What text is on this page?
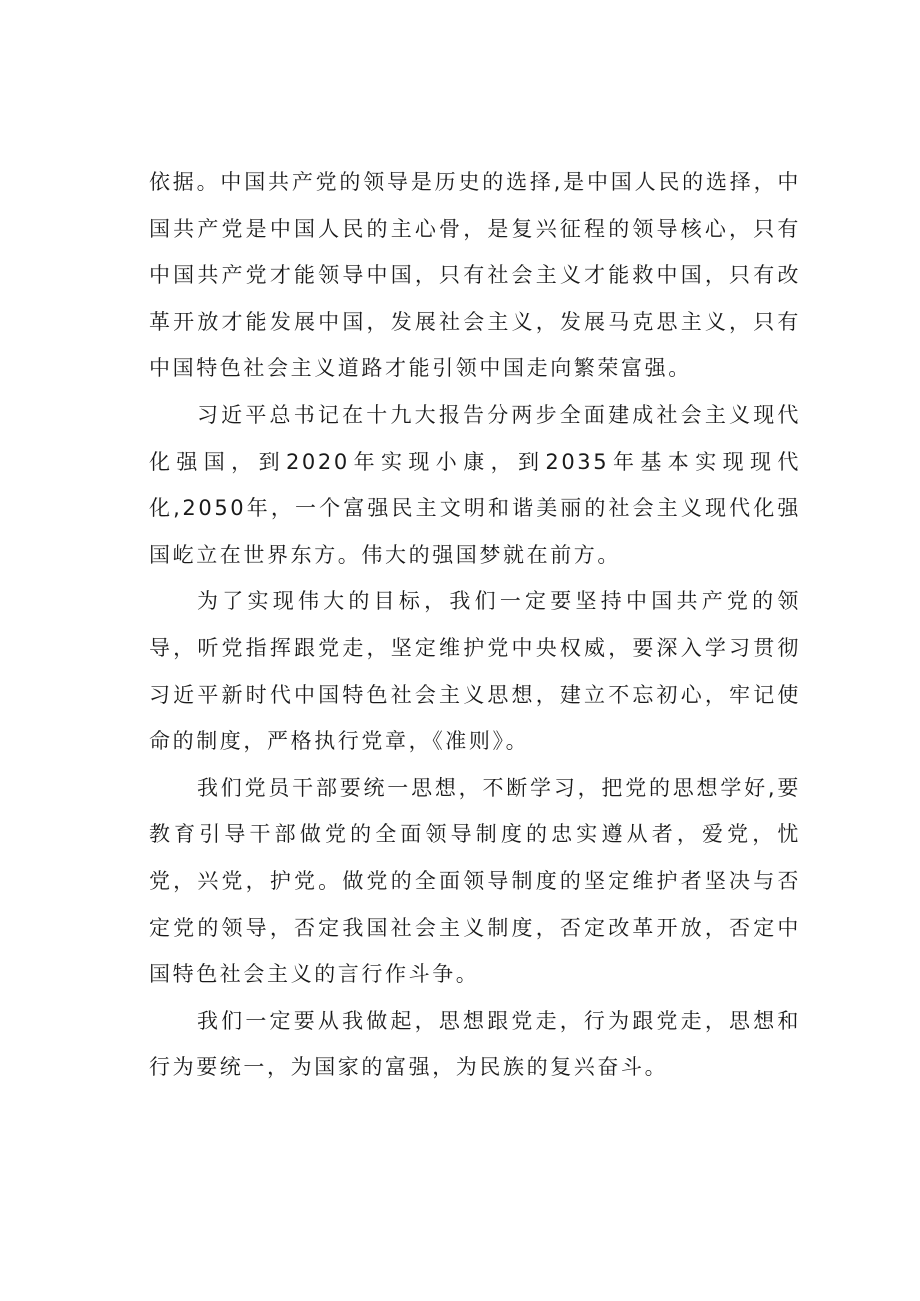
依据。中国共产党的领导是历史的选择,是中国人民的选择，中国共产党是中国人民的主心骨，是复兴征程的领导核心，只有中国共产党才能领导中国，只有社会主义才能救中国，只有改革开放才能发展中国，发展社会主义，发展马克思主义，只有中国特色社会主义道路才能引领中国走向繁荣富强。

习近平总书记在十九大报告分两步全面建成社会主义现代化强国，到2020年实现小康，到2035年基本实现现代化,2050年，一个富强民主文明和谐美丽的社会主义现代化强国屹立在世界东方。伟大的强国梦就在前方。

为了实现伟大的目标，我们一定要坚持中国共产党的领导，听党指挥跟党走，坚定维护党中央权威，要深入学习贯彻习近平新时代中国特色社会主义思想，建立不忘初心，牢记使命的制度，严格执行党章，《准则》。

我们党员干部要统一思想，不断学习，把党的思想学好,要教育引导干部做党的全面领导制度的忠实遵从者，爱党，忧党，兴党，护党。做党的全面领导制度的坚定维护者坚决与否定党的领导，否定我国社会主义制度，否定改革开放，否定中国特色社会主义的言行作斗争。

我们一定要从我做起，思想跟党走，行为跟党走，思想和行为要统一，为国家的富强，为民族的复兴奋斗。
